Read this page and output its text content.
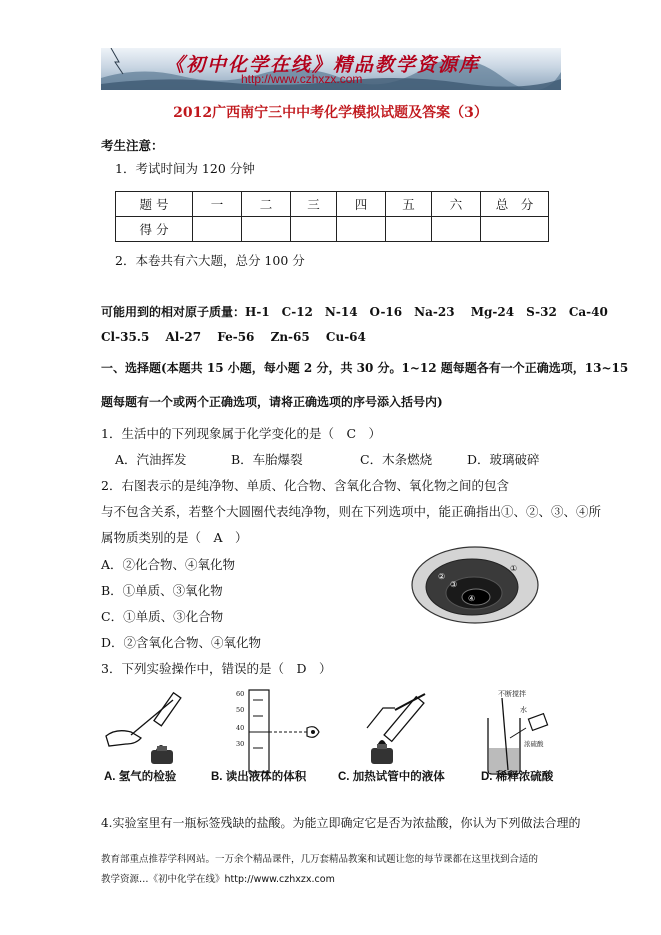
《初中化学在线》精品教学资源库
http://www.czhxzx.com
2012广西南宁三中中考化学模拟试题及答案（3）
考生注意：
1．考试时间为 120 分钟
题 号	一	二	三	四	五	六	总　分
得 分							
2．本卷共有六大题，总分 100 分
可能用到的相对原子质量：H-1　C-12　N-14　O-16　Na-23　 Mg-24　S-32　Ca-40
Cl-35.5　 Al-27　 Fe-56　 Zn-65　 Cu-64
一、选择题(本题共 15 小题，每小题 2 分，共 30 分。1~12 题每题各有一个正确选项，13~15
题每题有一个或两个正确选项，请将正确选项的序号添入括号内)
1．生活中的下列现象属于化学变化的是（　C　）
A．汽油挥发	B．车胎爆裂	C．木条燃烧	D．玻璃破碎
2．右图表示的是纯净物、单质、化合物、含氧化合物、氧化物之间的包含
与不包含关系，若整个大圆圈代表纯净物，则在下列选项中，能正确指出①、②、③、④所
属物质类别的是（　A　）
A．②化合物、④氧化物
B．①单质、③氧化物
C．①单质、③化合物
D．②含氧化合物、④氧化物
①
②
③
④
3．下列实验操作中，错误的是（　D　）
60
50
40
30
不断搅拌
水
浓硫酸
A. 氢气的检验	B. 读出液体的体积	C. 加热试管中的液体	D. 稀释浓硫酸
4.实验室里有一瓶标签残缺的盐酸。为能立即确定它是否为浓盐酸，你认为下列做法合理的
教育部重点推荐学科网站。一万余个精品课件，几万套精品教案和试题让您的每节课都在这里找到合适的
教学资源…《初中化学在线》http://www.czhxzx.com
